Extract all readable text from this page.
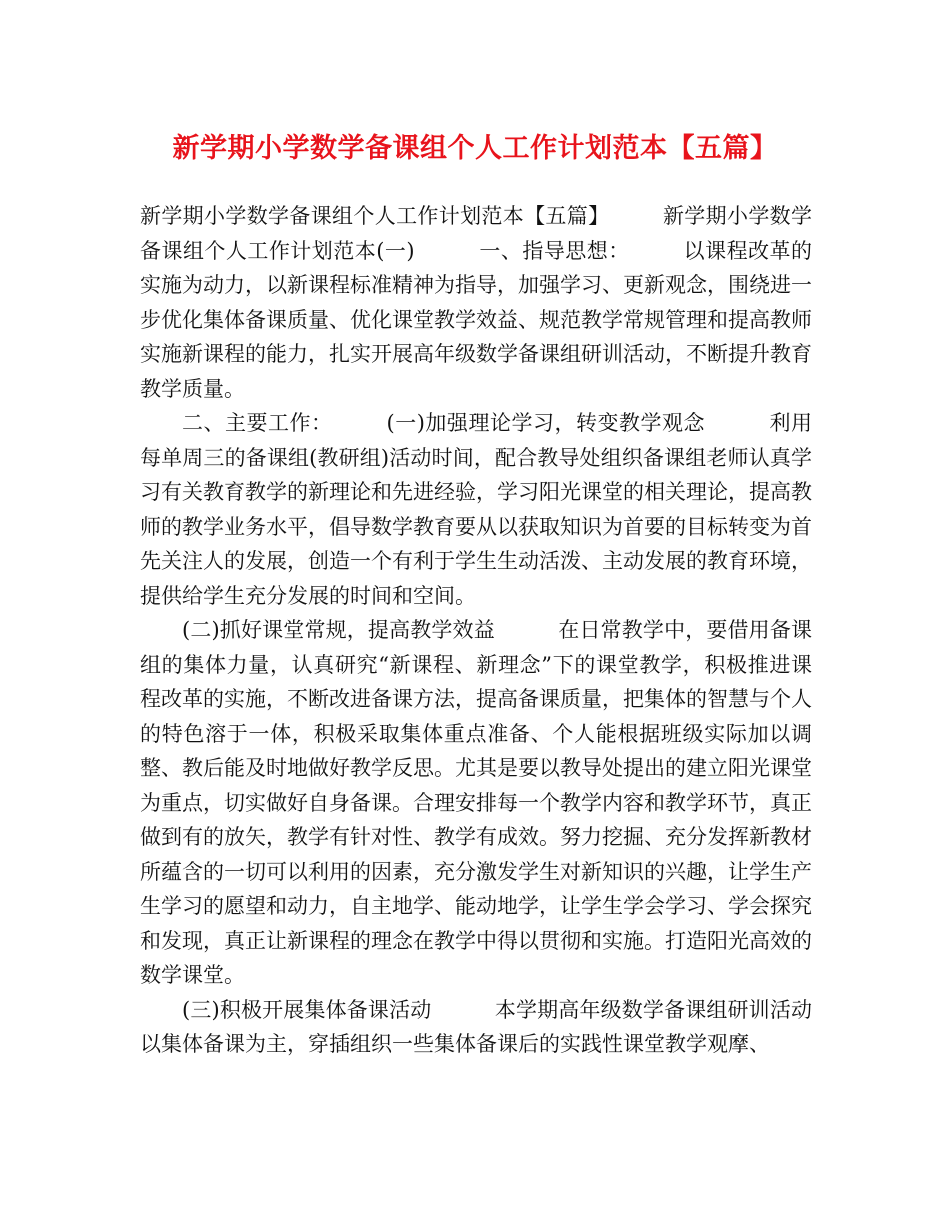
新学期小学数学备课组个人工作计划范本【五篇】

新学期小学数学备课组个人工作计划范本【五篇】　　　新学期小学数学备课组个人工作计划范本(一)　　　一、指导思想：　　　以课程改革的实施为动力，以新课程标准精神为指导，加强学习、更新观念，围绕进一步优化集体备课质量、优化课堂教学效益、规范教学常规管理和提高教师实施新课程的能力，扎实开展高年级数学备课组研训活动，不断提升教育教学质量。

二、主要工作：　　　(一)加强理论学习，转变教学观念　　　利用每单周三的备课组(教研组)活动时间，配合教导处组织备课组老师认真学习有关教育教学的新理论和先进经验，学习阳光课堂的相关理论，提高教师的教学业务水平，倡导数学教育要从以获取知识为首要的目标转变为首先关注人的发展，创造一个有利于学生生动活泼、主动发展的教育环境，提供给学生充分发展的时间和空间。

(二)抓好课堂常规，提高教学效益　　　在日常教学中，要借用备课组的集体力量，认真研究“新课程、新理念”下的课堂教学，积极推进课程改革的实施，不断改进备课方法，提高备课质量，把集体的智慧与个人的特色溶于一体，积极采取集体重点准备、个人能根据班级实际加以调整、教后能及时地做好教学反思。尤其是要以教导处提出的建立阳光课堂为重点，切实做好自身备课。合理安排每一个教学内容和教学环节，真正做到有的放矢，教学有针对性、教学有成效。努力挖掘、充分发挥新教材所蕴含的一切可以利用的因素，充分激发学生对新知识的兴趣，让学生产生学习的愿望和动力，自主地学、能动地学，让学生学会学习、学会探究和发现，真正让新课程的理念在教学中得以贯彻和实施。打造阳光高效的数学课堂。

(三)积极开展集体备课活动　　　本学期高年级数学备课组研训活动以集体备课为主，穿插组织一些集体备课后的实践性课堂教学观摩、
